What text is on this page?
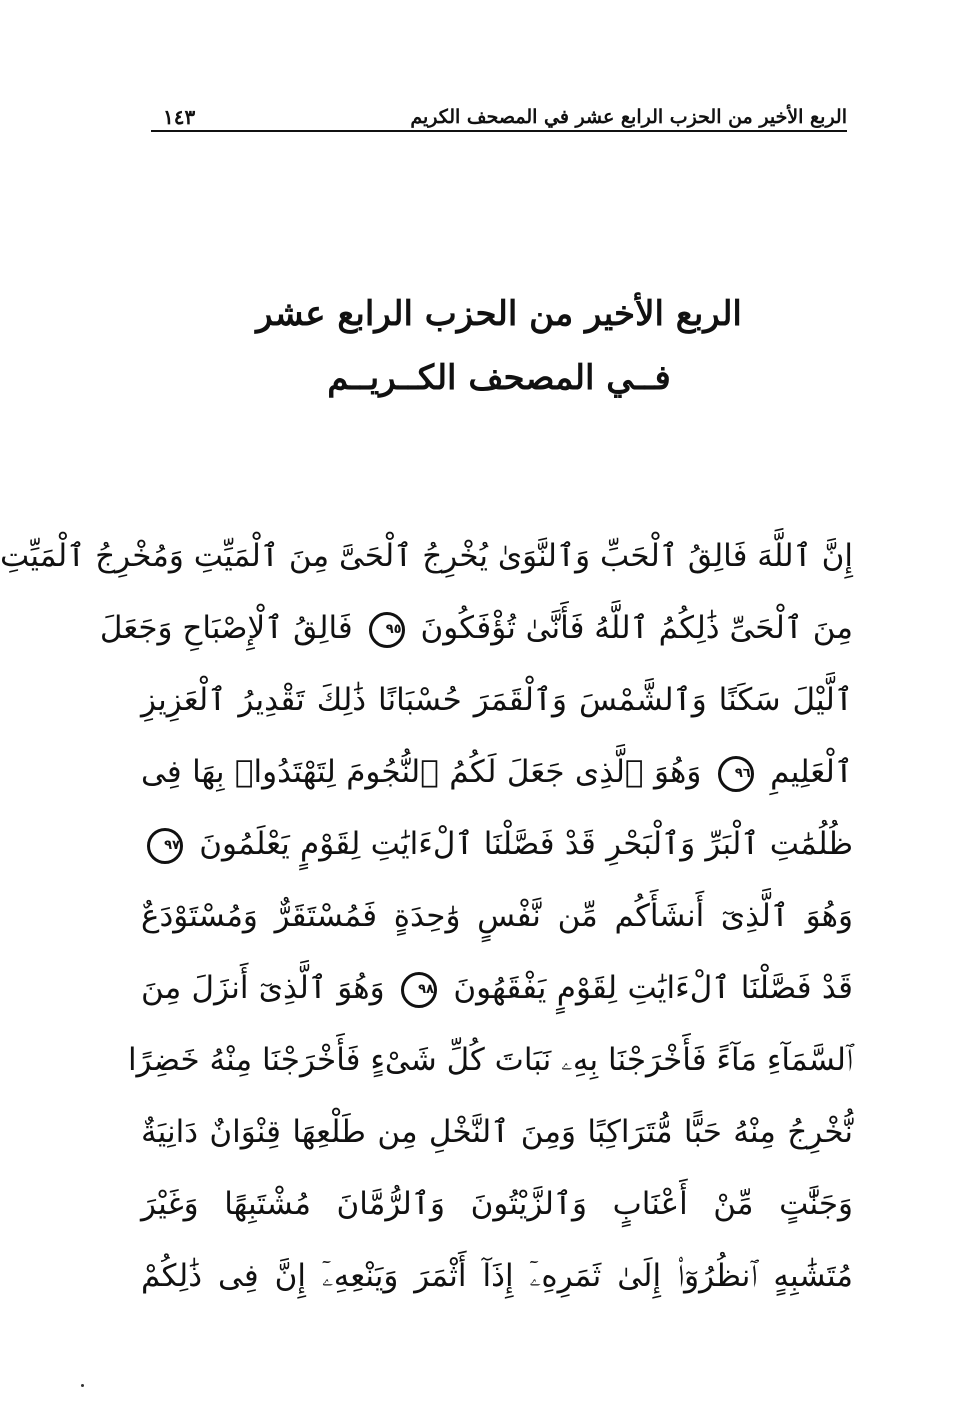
الربع الأخير من الحزب الرابع عشر في المصحف الكريم
١٤٣
الربع الأخير من الحزب الرابع عشر
فــي المصحف الكــريــم
إِنَّ ٱللَّهَ فَالِقُ ٱلْحَبِّ وَٱلنَّوَىٰ يُخْرِجُ ٱلْحَىَّ مِنَ ٱلْمَيِّتِ وَمُخْرِجُ ٱلْمَيِّتِ
مِنَ ٱلْحَىِّ ذَٰلِكُمُ ٱللَّهُ فَأَنَّىٰ تُؤْفَكُونَ ٩٥ فَالِقُ ٱلْإِصْبَاحِ وَجَعَلَ
ٱلَّيْلَ سَكَنًا وَٱلشَّمْسَ وَٱلْقَمَرَ حُسْبَانًا ذَٰلِكَ تَقْدِيرُ ٱلْعَزِيزِ
ٱلْعَلِيمِ ٩٦ وَهُوَ ٱلَّذِى جَعَلَ لَكُمُ ٱلنُّجُومَ لِتَهْتَدُوا۟ بِهَا فِى
ظُلُمَٰتِ ٱلْبَرِّ وَٱلْبَحْرِ قَدْ فَصَّلْنَا ٱلْءَايَٰتِ لِقَوْمٍ يَعْلَمُونَ ٩٧
وَهُوَ ٱلَّذِىٓ أَنشَأَكُم مِّن نَّفْسٍ وَٰحِدَةٍ فَمُسْتَقَرٌّ وَمُسْتَوْدَعٌ
قَدْ فَصَّلْنَا ٱلْءَايَٰتِ لِقَوْمٍ يَفْقَهُونَ ٩٨ وَهُوَ ٱلَّذِىٓ أَنزَلَ مِنَ
ٱلسَّمَآءِ مَآءً فَأَخْرَجْنَا بِهِۦ نَبَاتَ كُلِّ شَىْءٍ فَأَخْرَجْنَا مِنْهُ خَضِرًا
نُّخْرِجُ مِنْهُ حَبًّا مُّتَرَاكِبًا وَمِنَ ٱلنَّخْلِ مِن طَلْعِهَا قِنْوَانٌ دَانِيَةٌ
وَجَنَّٰتٍ مِّنْ أَعْنَابٍ وَٱلزَّيْتُونَ وَٱلرُّمَّانَ مُشْتَبِهًا وَغَيْرَ
مُتَشَٰبِهٍ ٱنظُرُوٓا۟ إِلَىٰ ثَمَرِهِۦٓ إِذَآ أَثْمَرَ وَيَنْعِهِۦٓ إِنَّ فِى ذَٰلِكُمْ
